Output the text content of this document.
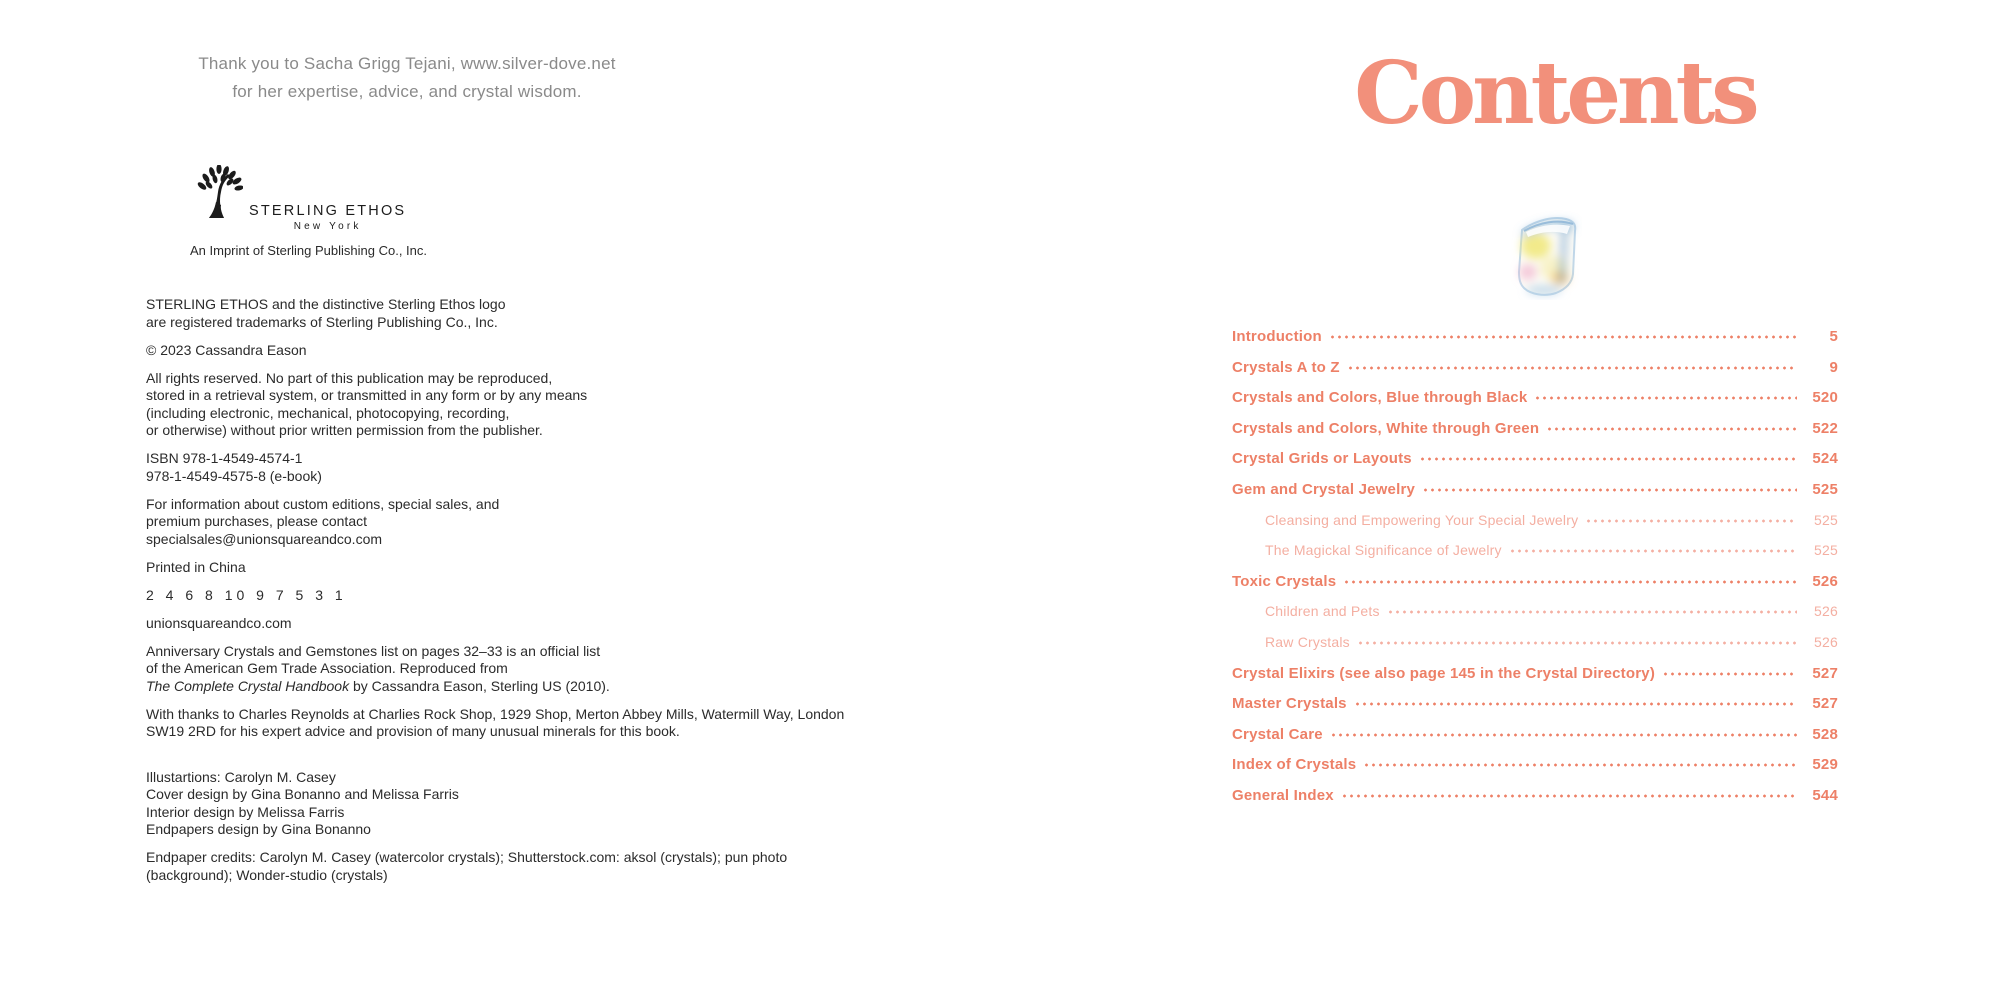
Thank you to Sacha Grigg Tejani, www.silver-dove.net
for her expertise, advice, and crystal wisdom.
STERLING ETHOS
New York
An Imprint of Sterling Publishing Co., Inc.

STERLING ETHOS and the distinctive Sterling Ethos logo
are registered trademarks of Sterling Publishing Co., Inc.

© 2023 Cassandra Eason

All rights reserved. No part of this publication may be reproduced,
stored in a retrieval system, or transmitted in any form or by any means
(including electronic, mechanical, photocopying, recording,
or otherwise) without prior written permission from the publisher.

ISBN 978-1-4549-4574-1
978-1-4549-4575-8 (e-book)

For information about custom editions, special sales, and
premium purchases, please contact
specialsales@unionsquareandco.com

Printed in China

2 4 6 8 10 9 7 5 3 1

unionsquareandco.com

Anniversary Crystals and Gemstones list on pages 32–33 is an official list
of the American Gem Trade Association. Reproduced from
The Complete Crystal Handbook by Cassandra Eason, Sterling US (2010).

With thanks to Charles Reynolds at Charlies Rock Shop, 1929 Shop, Merton Abbey Mills, Watermill Way, London
SW19 2RD for his expert advice and provision of many unusual minerals for this book.

Illustartions: Carolyn M. Casey
Cover design by Gina Bonanno and Melissa Farris
Interior design by Melissa Farris
Endpapers design by Gina Bonanno

Endpaper credits: Carolyn M. Casey (watercolor crystals); Shutterstock.com: aksol (crystals); pun photo
(background); Wonder-studio (crystals)

Contents
Introduction	5
Crystals A to Z	9
Crystals and Colors, Blue through Black	520
Crystals and Colors, White through Green	522
Crystal Grids or Layouts	524
Gem and Crystal Jewelry	525
Cleansing and Empowering Your Special Jewelry	525
The Magickal Significance of Jewelry	525
Toxic Crystals	526
Children and Pets	526
Raw Crystals	526
Crystal Elixirs (see also page 145 in the Crystal Directory)	527
Master Crystals	527
Crystal Care	528
Index of Crystals	529
General Index	544
